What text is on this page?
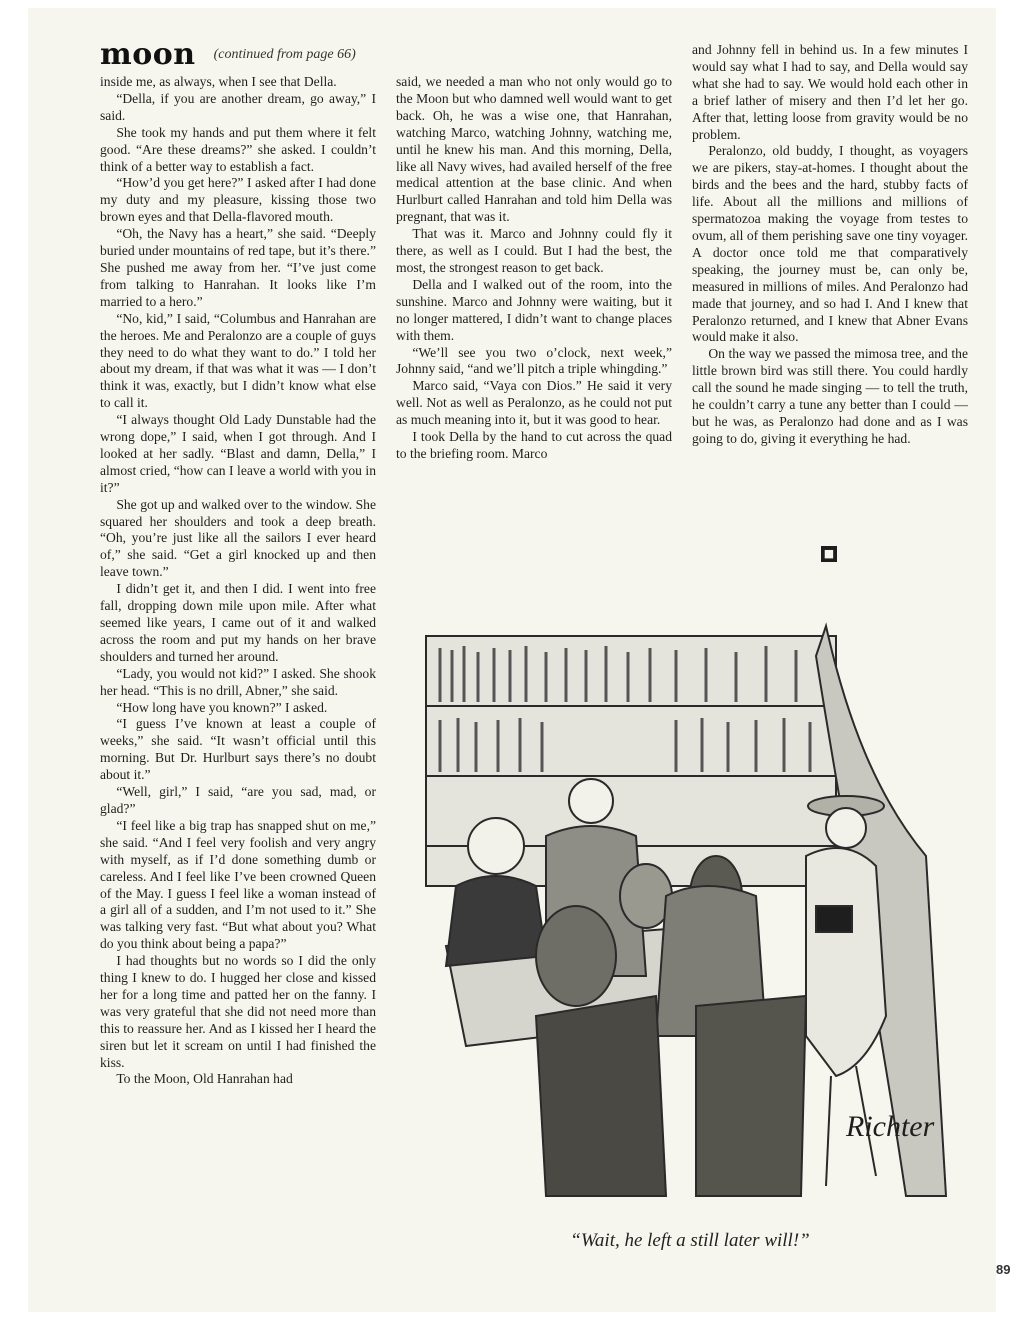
moon (continued from page 66)

inside me, as always, when I see that Della.

“Della, if you are another dream, go away,” I said.

She took my hands and put them where it felt good. “Are these dreams?” she asked. I couldn’t think of a better way to establish a fact.

“How’d you get here?” I asked after I had done my duty and my pleasure, kissing those two brown eyes and that Della-flavored mouth.

“Oh, the Navy has a heart,” she said. “Deeply buried under mountains of red tape, but it’s there.” She pushed me away from her. “I’ve just come from talking to Hanrahan. It looks like I’m married to a hero.”

“No, kid,” I said, “Columbus and Hanrahan are the heroes. Me and Peralonzo are a couple of guys they need to do what they want to do.” I told her about my dream, if that was what it was — I don’t think it was, exactly, but I didn’t know what else to call it.

“I always thought Old Lady Dunstable had the wrong dope,” I said, when I got through. And I looked at her sadly. “Blast and damn, Della,” I almost cried, “how can I leave a world with you in it?”

She got up and walked over to the window. She squared her shoulders and took a deep breath. “Oh, you’re just like all the sailors I ever heard of,” she said. “Get a girl knocked up and then leave town.”

I didn’t get it, and then I did. I went into free fall, dropping down mile upon mile. After what seemed like years, I came out of it and walked across the room and put my hands on her brave shoulders and turned her around.

“Lady, you would not kid?” I asked. She shook her head. “This is no drill, Abner,” she said.

“How long have you known?” I asked.

“I guess I’ve known at least a couple of weeks,” she said. “It wasn’t official until this morning. But Dr. Hurlburt says there’s no doubt about it.”

“Well, girl,” I said, “are you sad, mad, or glad?”

“I feel like a big trap has snapped shut on me,” she said. “And I feel very foolish and very angry with myself, as if I’d done something dumb or careless. And I feel like I’ve been crowned Queen of the May. I guess I feel like a woman instead of a girl all of a sudden, and I’m not used to it.” She was talking very fast. “But what about you? What do you think about being a papa?”

I had thoughts but no words so I did the only thing I knew to do. I hugged her close and kissed her for a long time and patted her on the fanny. I was very grateful that she did not need more than this to reassure her. And as I kissed her I heard the siren but let it scream on until I had finished the kiss.

To the Moon, Old Hanrahan had

said, we needed a man who not only would go to the Moon but who damned well would want to get back. Oh, he was a wise one, that Hanrahan, watching Marco, watching Johnny, watching me, until he knew his man. And this morning, Della, like all Navy wives, had availed herself of the free medical attention at the base clinic. And when Hurlburt called Hanrahan and told him Della was pregnant, that was it.

That was it. Marco and Johnny could fly it there, as well as I could. But I had the best, the most, the strongest reason to get back.

Della and I walked out of the room, into the sunshine. Marco and Johnny were waiting, but it no longer mattered, I didn’t want to change places with them.

“We’ll see you two o’clock, next week,” Johnny said, “and we’ll pitch a triple whingding.”

Marco said, “Vaya con Dios.” He said it very well. Not as well as Peralonzo, as he could not put as much meaning into it, but it was good to hear.

I took Della by the hand to cut across the quad to the briefing room. Marco

and Johnny fell in behind us. In a few minutes I would say what I had to say, and Della would say what she had to say. We would hold each other in a brief lather of misery and then I’d let her go. After that, letting loose from gravity would be no problem.

Peralonzo, old buddy, I thought, as voyagers we are pikers, stay-at-homes. I thought about the birds and the bees and the hard, stubby facts of life. About all the millions and millions of spermatozoa making the voyage from testes to ovum, all of them perishing save one tiny voyager. A doctor once told me that comparatively speaking, the journey must be, can only be, measured in millions of miles. And Peralonzo had made that journey, and so had I. And I knew that Peralonzo returned, and I knew that Abner Evans would make it also.

On the way we passed the mimosa tree, and the little brown bird was still there. You could hardly call the sound he made singing — to tell the truth, he couldn’t carry a tune any better than I could — but he was, as Peralonzo had done and as I was going to do, giving it everything he had.

■
Richter
“Wait, he left a still later will!”
89
